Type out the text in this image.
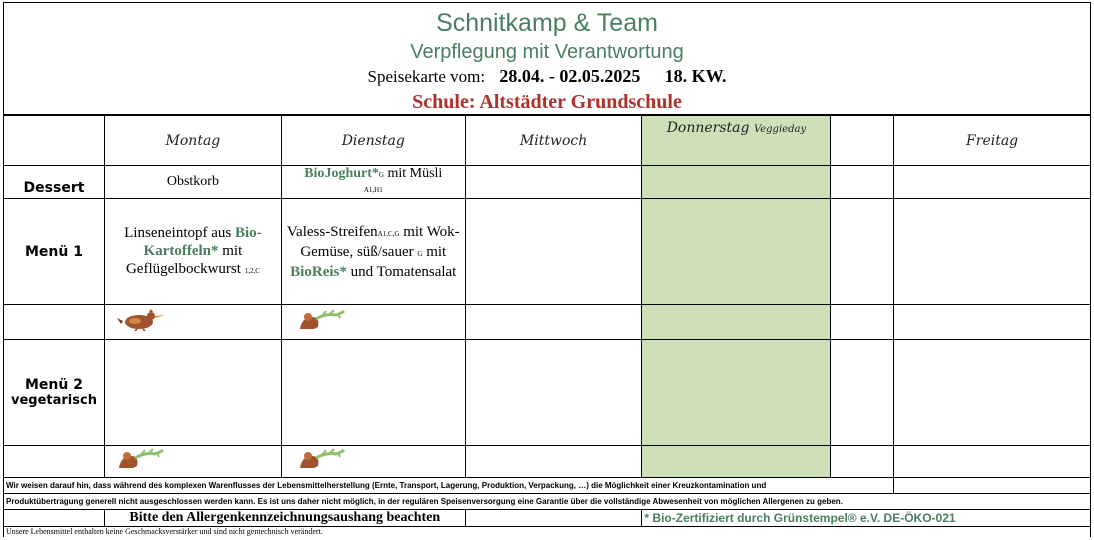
Schnitkamp & Team
Verpflegung mit Verantwortung
Speisekarte vom: 28.04. - 02.05.2025 18. KW.
Schule: Altstädter Grundschule
	Montag	Dienstag	Mittwoch	Donnerstag Veggieday		Freitag
Dessert	Obstkorb	BioJoghurt*G mit Müsli
A1,H1				
Menü 1	Linseneintopf aus Bio-Kartoffeln* mit Geflügelbockwurst 1,2,C	Valess-StreifenA1,C,G mit Wok-Gemüse, süß/sauer G mit BioReis* und Tomatensalat				

Menü 2
vegetarisch						

Wir weisen darauf hin, dass während des komplexen Warenflusses der Lebensmittelherstellung (Ernte, Transport, Lagerung, Produktion, Verpackung, …) die Möglichkeit einer Kreuzkontamination und				
Produktübertragung generell nicht ausgeschlossen werden kann. Es ist uns daher nicht möglich, in der regulären Speisenversorgung eine Garantie über die vollständige Abwesenheit von möglichen Allergenen zu geben.				
	Bitte den Allergenkennzeichnungsaushang beachten		* Bio-Zertifiziert durch Grünstempel® e.V. DE-ÖKO-021	
Unsere Lebensmittel enthalten keine Geschmacksverstärker und sind nicht gentechnisch verändert.				
